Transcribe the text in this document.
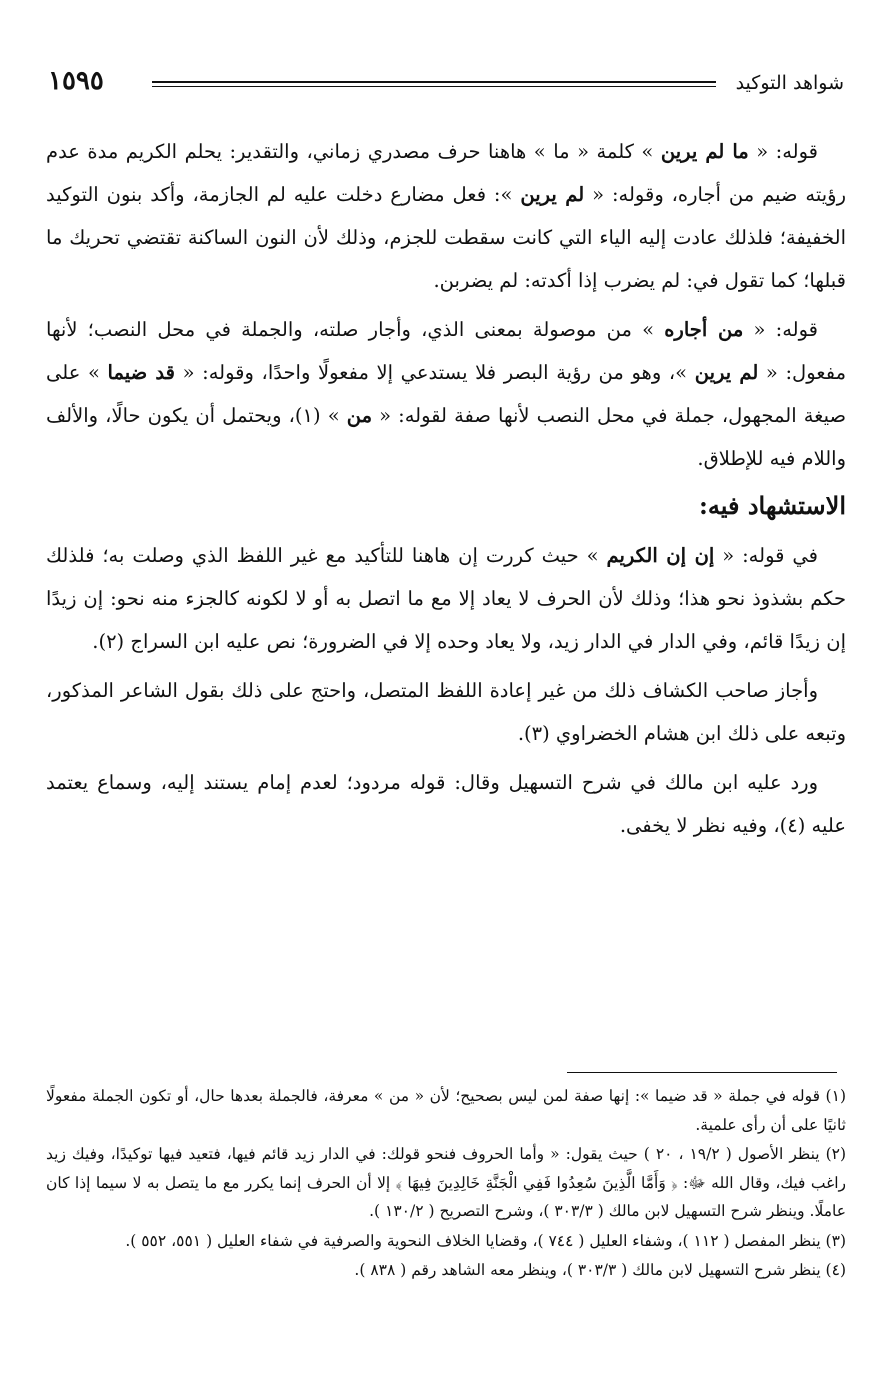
شواهد التوكيد
١٥٩٥

قوله: « ما لم يرين » كلمة « ما » هاهنا حرف مصدري زماني، والتقدير: يحلم الكريم مدة عدم رؤيته ضيم من أجاره، وقوله: « لم يرين »: فعل مضارع دخلت عليه لم الجازمة، وأكد بنون التوكيد الخفيفة؛ فلذلك عادت إليه الياء التي كانت سقطت للجزم، وذلك لأن النون الساكنة تقتضي تحريك ما قبلها؛ كما تقول في: لم يضرب إذا أكدته: لم يضربن.

قوله: « من أجاره » من موصولة بمعنى الذي، وأجار صلته، والجملة في محل النصب؛ لأنها مفعول: « لم يرين »، وهو من رؤية البصر فلا يستدعي إلا مفعولًا واحدًا، وقوله: « قد ضيما » على صيغة المجهول، جملة في محل النصب لأنها صفة لقوله: « من » (١)، ويحتمل أن يكون حالًا، والألف واللام فيه للإطلاق.

الاستشهاد فيه:

في قوله: « إن إن الكريم » حيث كررت إن هاهنا للتأكيد مع غير اللفظ الذي وصلت به؛ فلذلك حكم بشذوذ نحو هذا؛ وذلك لأن الحرف لا يعاد إلا مع ما اتصل به أو لا لكونه كالجزء منه نحو: إن زيدًا إن زيدًا قائم، وفي الدار في الدار زيد، ولا يعاد وحده إلا في الضرورة؛ نص عليه ابن السراج (٢).

وأجاز صاحب الكشاف ذلك من غير إعادة اللفظ المتصل، واحتج على ذلك بقول الشاعر المذكور، وتبعه على ذلك ابن هشام الخضراوي (٣).

ورد عليه ابن مالك في شرح التسهيل وقال: قوله مردود؛ لعدم إمام يستند إليه، وسماع يعتمد عليه (٤)، وفيه نظر لا يخفى.

(١) قوله في جملة « قد ضيما »: إنها صفة لمن ليس بصحيح؛ لأن « من » معرفة، فالجملة بعدها حال، أو تكون الجملة مفعولًا ثانيًا على أن رأى علمية.

(٢) ينظر الأصول ( ١٩/٢ ، ٢٠ ) حيث يقول: « وأما الحروف فنحو قولك: في الدار زيد قائم فيها، فتعيد فيها توكيدًا، وفيك زيد راغب فيك، وقال الله ﷻ: ﴿ وَأَمَّا الَّذِينَ سُعِدُوا فَفِي الْجَنَّةِ خَالِدِينَ فِيهَا ﴾ إلا أن الحرف إنما يكرر مع ما يتصل به لا سيما إذا كان عاملًا. وينظر شرح التسهيل لابن مالك ( ٣٠٣/٣ )، وشرح التصريح ( ١٣٠/٢ ).

(٣) ينظر المفصل ( ١١٢ )، وشفاء العليل ( ٧٤٤ )، وقضايا الخلاف النحوية والصرفية في شفاء العليل ( ٥٥١، ٥٥٢ ).

(٤) ينظر شرح التسهيل لابن مالك ( ٣٠٣/٣ )، وينظر معه الشاهد رقم ( ٨٣٨ ).
